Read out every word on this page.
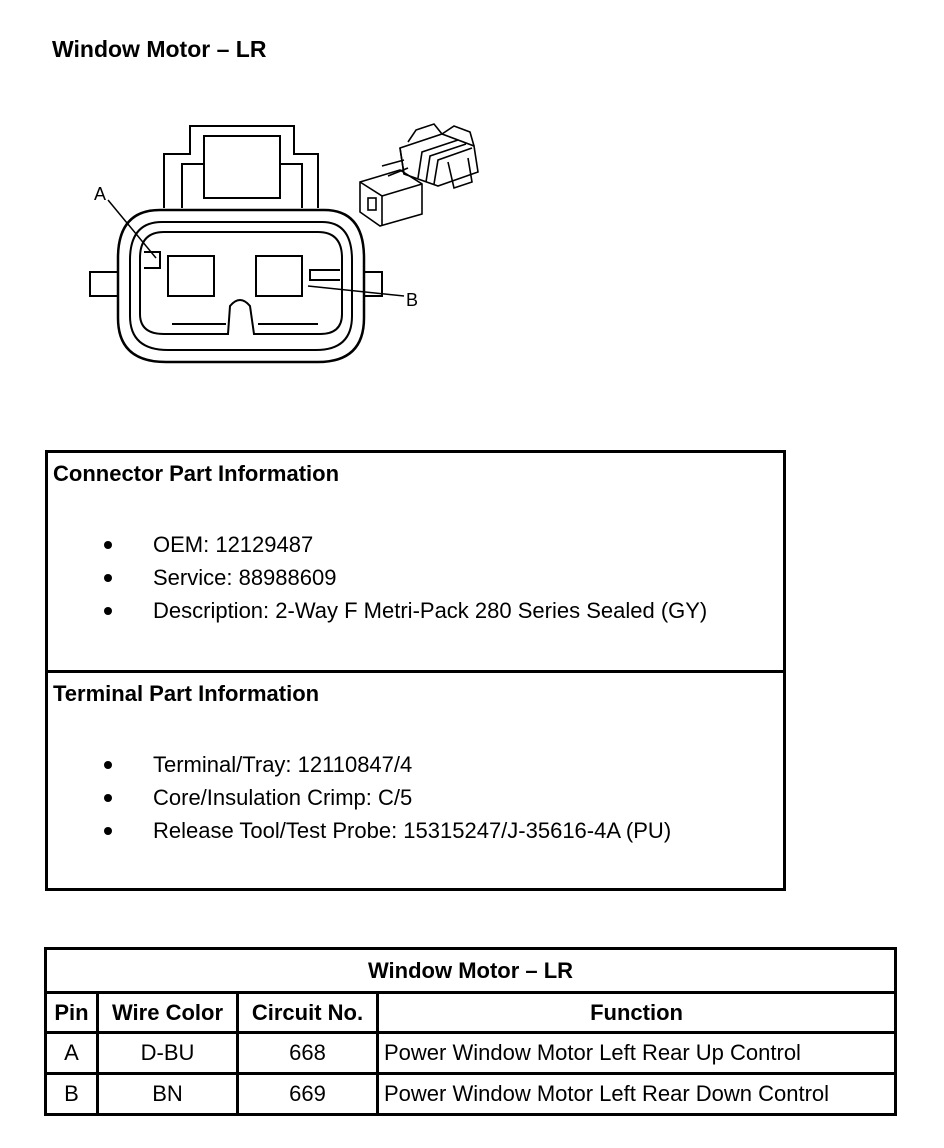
Window Motor – LR
A
B
Connector Part Information
OEM: 12129487
Service: 88988609
Description: 2-Way F Metri-Pack 280 Series Sealed (GY)
Terminal Part Information
Terminal/Tray: 12110847/4
Core/Insulation Crimp: C/5
Release Tool/Test Probe: 15315247/J-35616-4A (PU)
Window Motor – LR			
Pin	Wire Color	Circuit No.	Function
A	D-BU	668	Power Window Motor Left Rear Up Control
B	BN	669	Power Window Motor Left Rear Down Control
